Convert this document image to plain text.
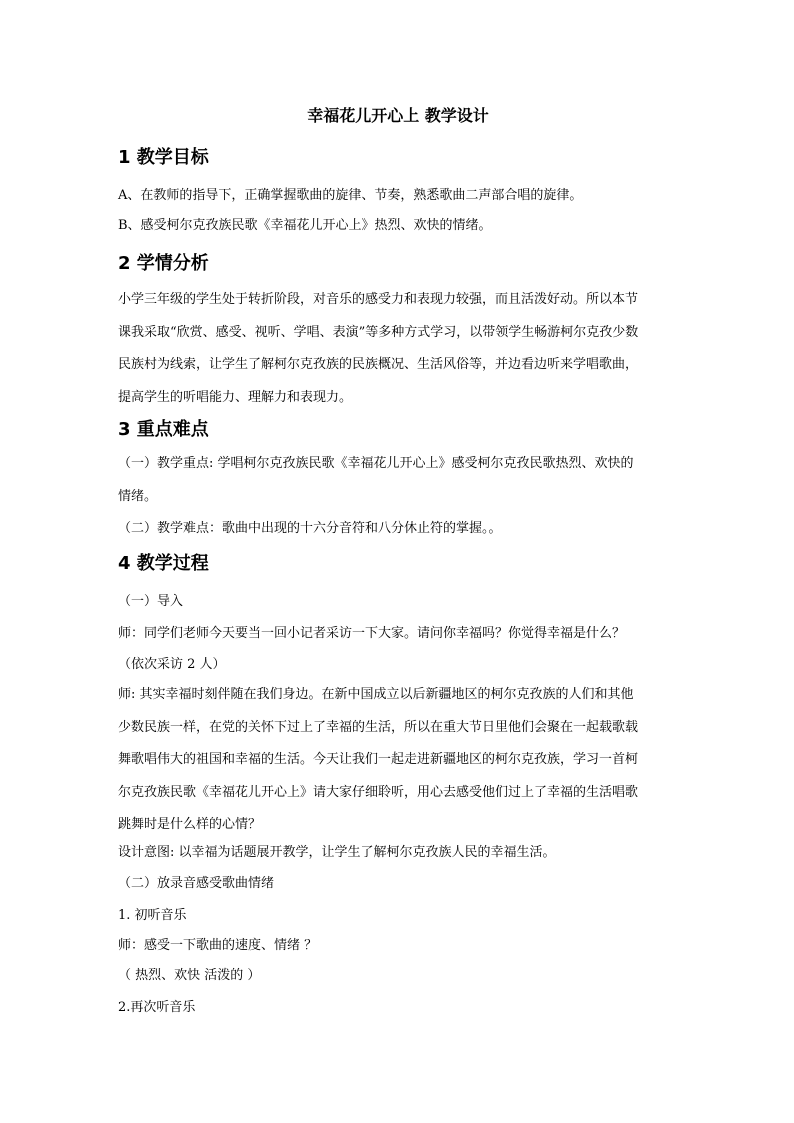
幸福花儿开心上 教学设计
1 教学目标

A、在教师的指导下，正确掌握歌曲的旋律、节奏，熟悉歌曲二声部合唱的旋律。

B、感受柯尔克孜族民歌《幸福花儿开心上》热烈、欢快的情绪。

2 学情分析
小学三年级的学生处于转折阶段，对音乐的感受力和表现力较强，而且活泼好动。所以本节
课我采取“欣赏、感受、视听、学唱、表演”等多种方式学习，以带领学生畅游柯尔克孜少数
民族村为线索，让学生了解柯尔克孜族的民族概况、生活风俗等，并边看边听来学唱歌曲，
提高学生的听唱能力、理解力和表现力。
3 重点难点
（一）教学重点: 学唱柯尔克孜族民歌《幸福花儿开心上》感受柯尔克孜民歌热烈、欢快的
情绪。

（二）教学难点：歌曲中出现的十六分音符和八分休止符的掌握。。

4 教学过程

（一）导入

师：同学们老师今天要当一回小记者采访一下大家。请问你幸福吗？你觉得幸福是什么？

（依次采访 2 人）

师: 其实幸福时刻伴随在我们身边。在新中国成立以后新疆地区的柯尔克孜族的人们和其他
少数民族一样，在党的关怀下过上了幸福的生活，所以在重大节日里他们会聚在一起载歌载
舞歌唱伟大的祖国和幸福的生活。今天让我们一起走进新疆地区的柯尔克孜族，学习一首柯
尔克孜族民歌《幸福花儿开心上》请大家仔细聆听，用心去感受他们过上了幸福的生活唱歌
跳舞时是什么样的心情？

设计意图: 以幸福为话题展开教学，让学生了解柯尔克孜族人民的幸福生活。

（二）放录音感受歌曲情绪

1. 初听音乐

师：感受一下歌曲的速度、情绪 ？

（ 热烈、欢快 活泼的 ）

2.再次听音乐
